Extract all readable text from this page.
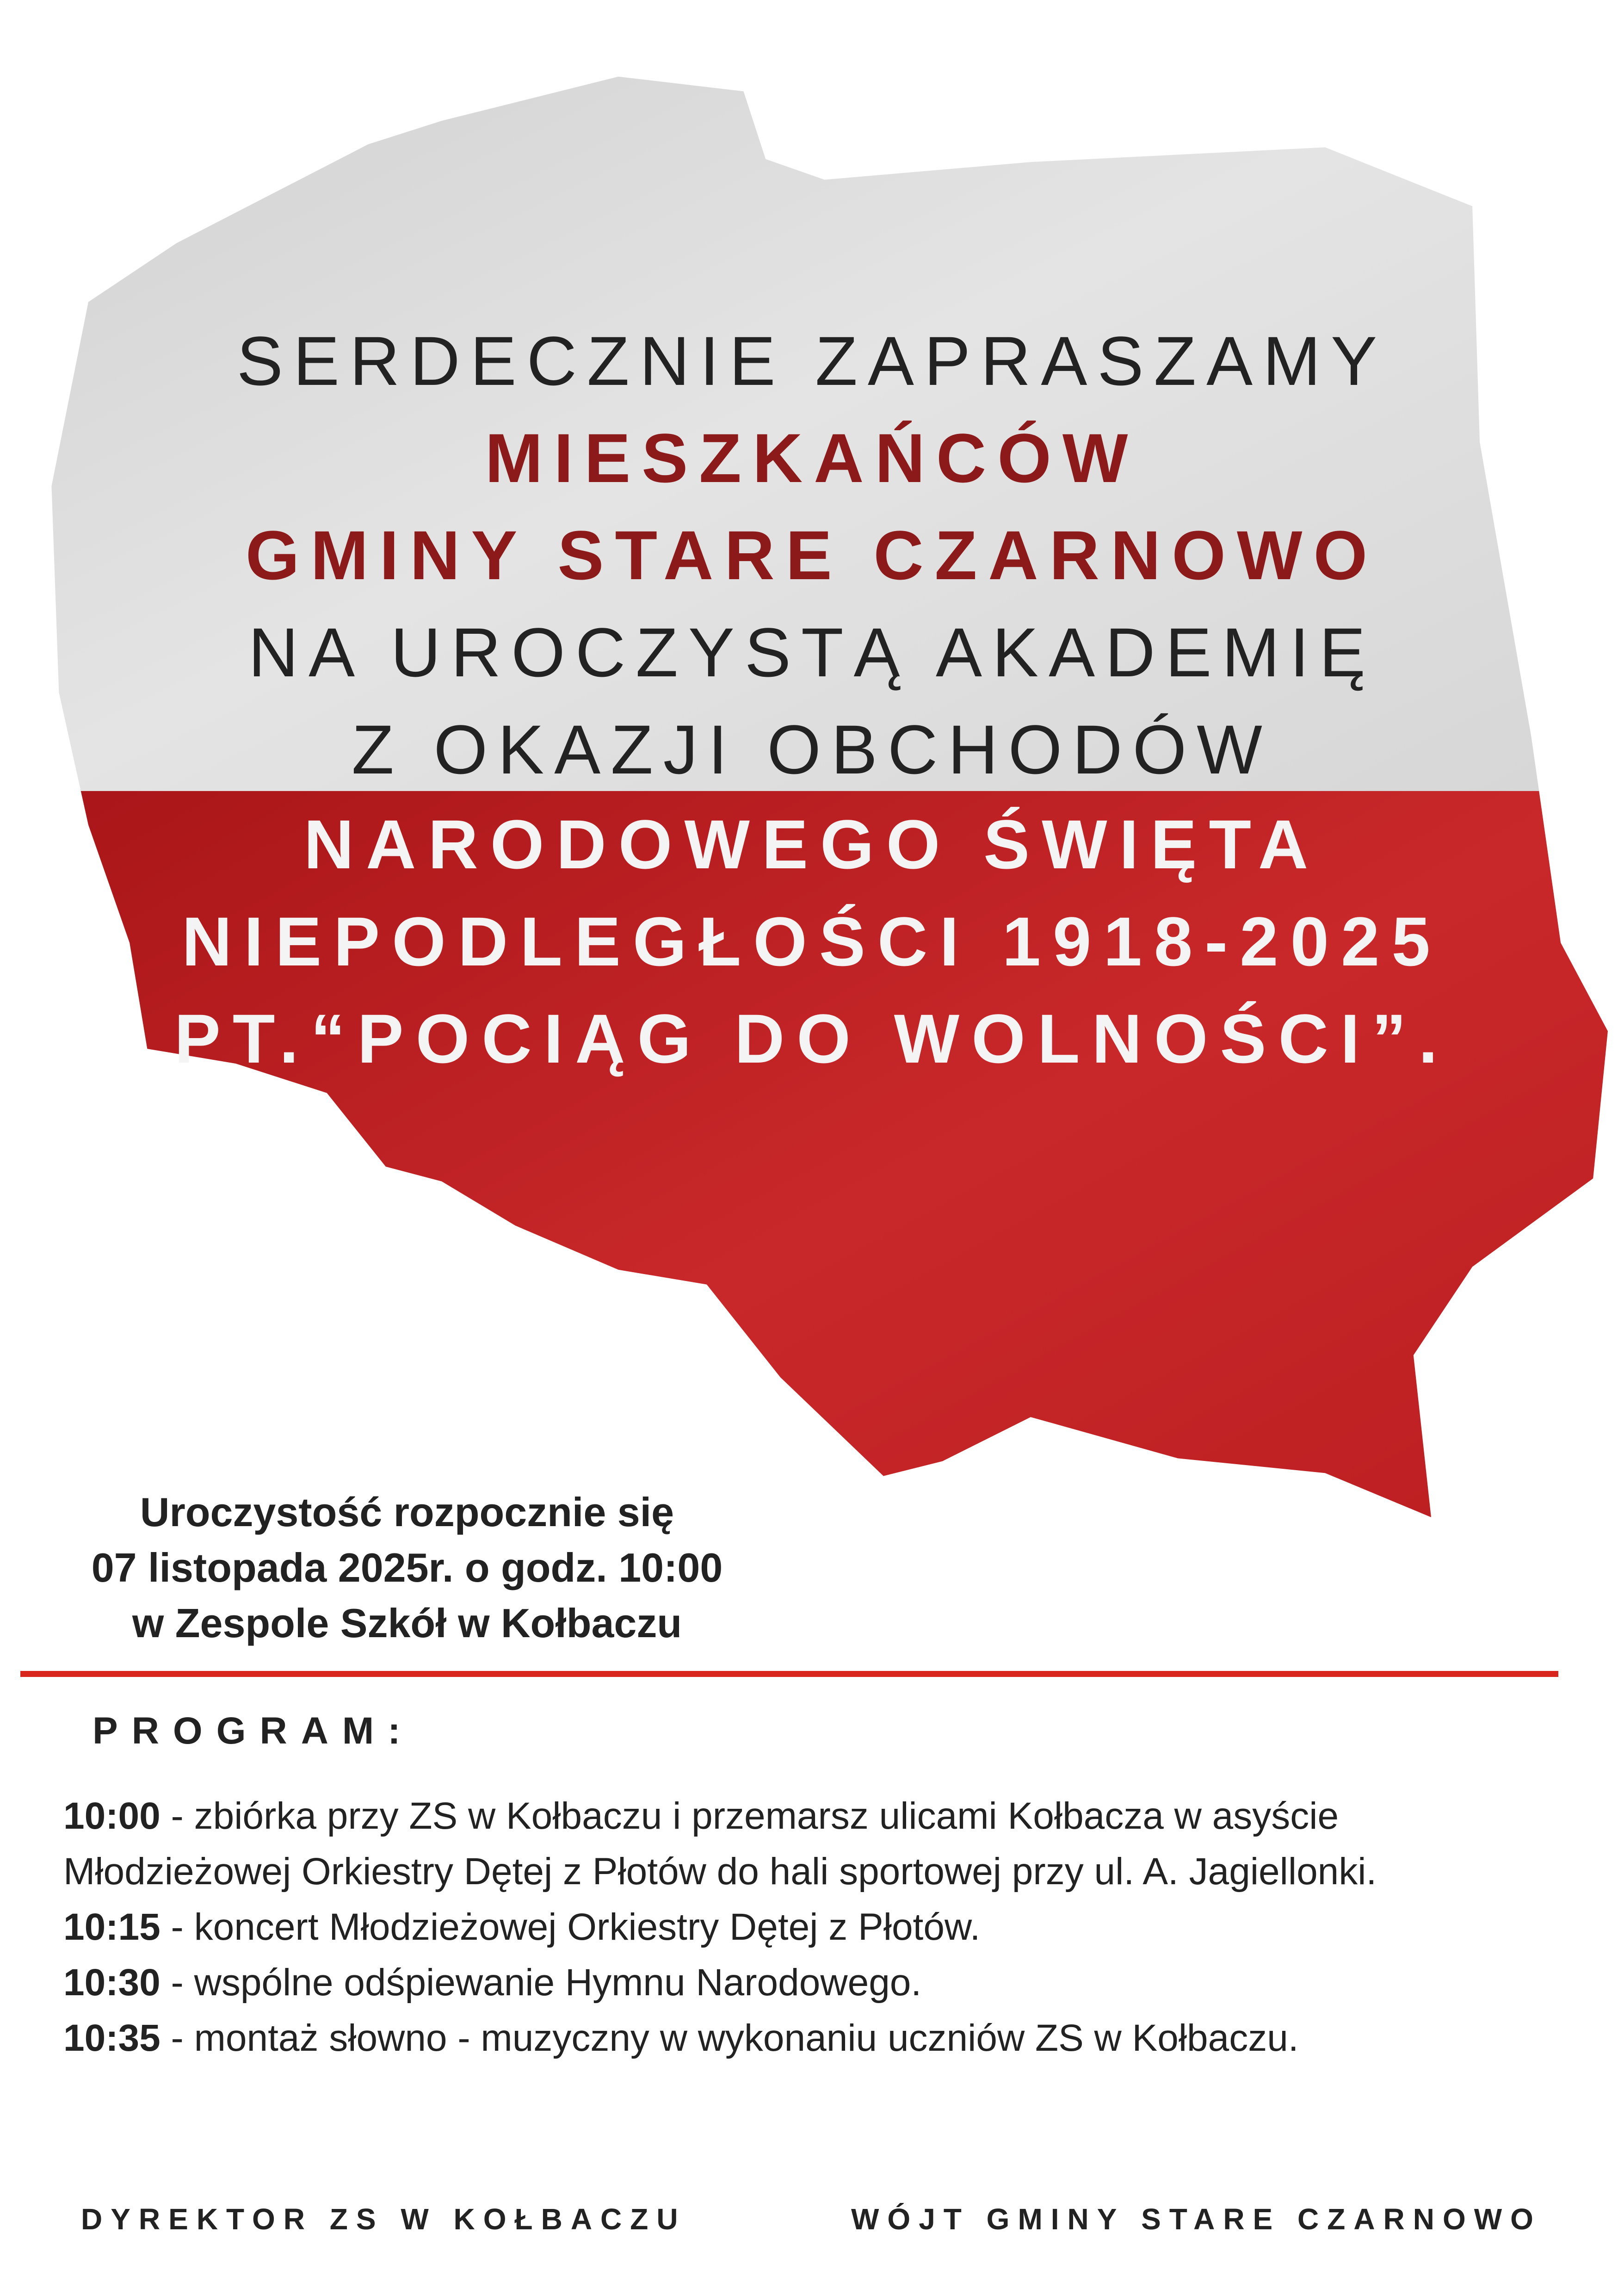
SERDECZNIE ZAPRASZAMY
MIESZKAŃCÓW
GMINY STARE CZARNOWO
NA UROCZYSTĄ AKADEMIĘ
Z OKAZJI OBCHODÓW
NARODOWEGO ŚWIĘTA
NIEPODLEGŁOŚCI 1918-2025
PT.“POCIĄG DO WOLNOŚCI”.
Uroczystość rozpocznie się
07 listopada 2025r. o godz. 10:00
w Zespole Szkół w Kołbaczu
PROGRAM:
10:00 - zbiórka przy ZS w Kołbaczu i przemarsz ulicami Kołbacza w asyście
Młodzieżowej Orkiestry Dętej z Płotów do hali sportowej przy ul. A. Jagiellonki.
10:15 - koncert Młodzieżowej Orkiestry Dętej z Płotów.
10:30 - wspólne odśpiewanie Hymnu Narodowego.
10:35 - montaż słowno - muzyczny w wykonaniu uczniów ZS w Kołbaczu.
DYREKTOR ZS W KOŁBACZU	WÓJT GMINY STARE CZARNOWO
